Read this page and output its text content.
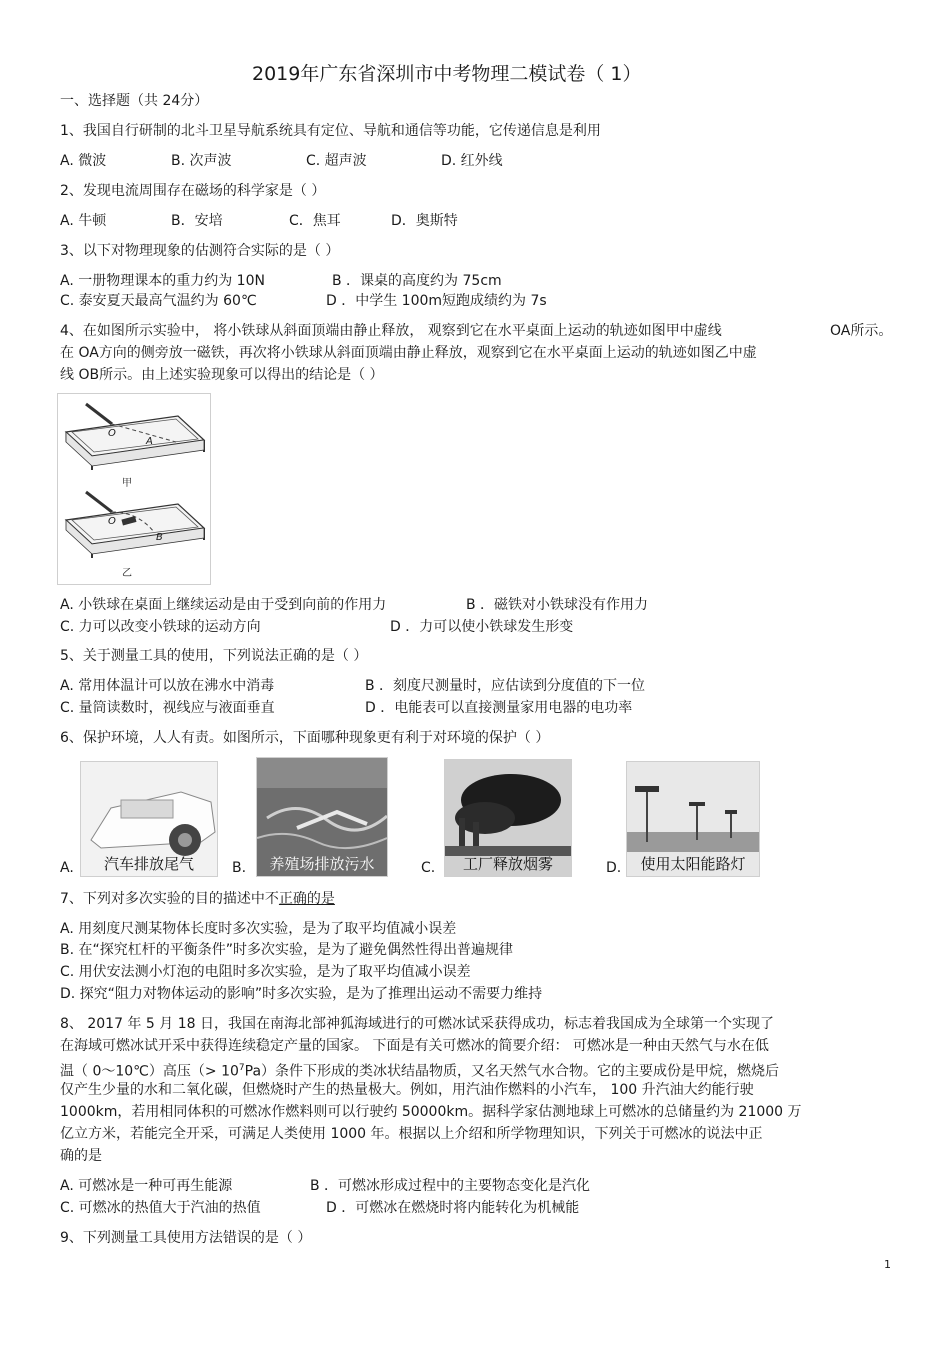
2019年广东省深圳市中考物理二模试卷（ 1）
一、选择题（共 24分）
1、我国自行研制的北斗卫星导航系统具有定位、导航和通信等功能，它传递信息是利用
A. 微波	B. 次声波	C. 超声波	D. 红外线
2、发现电流周围存在磁场的科学家是（ ）
A. 牛顿	B．安培	C．焦耳	D．奥斯特
3、以下对物理现象的估测符合实际的是（ ）
A. 一册物理课本的重力约为 10N	B ．课桌的高度约为 75cm
C. 泰安夏天最高气温约为 60℃	D ．中学生 100m短跑成绩约为 7s
4、在如图所示实验中， 将小铁球从斜面顶端由静止释放， 观察到它在水平桌面上运动的轨迹如图甲中虚线	OA所示。
在 OA方向的侧旁放一磁铁，再次将小铁球从斜面顶端由静止释放，观察到它在水平桌面上运动的轨迹如图乙中虚
线 OB所示。由上述实验现象可以得出的结论是（ ）
O
A
甲
O
B
乙
A. 小铁球在桌面上继续运动是由于受到向前的作用力	B ．磁铁对小铁球没有作用力
C. 力可以改变小铁球的运动方向	D ．力可以使小铁球发生形变
5、关于测量工具的使用，下列说法正确的是（ ）
A. 常用体温计可以放在沸水中消毒	B ．刻度尺测量时，应估读到分度值的下一位
C. 量筒读数时，视线应与液面垂直	D ．电能表可以直接测量家用电器的电功率
6、保护环境，人人有责。如图所示，下面哪种现象更有利于对环境的保护（ ）
A.	汽车排放尾气	B.	养殖场排放污水	C.	工厂释放烟雾	D.	使用太阳能路灯
7、下列对多次实验的目的描述中不正确的是
A. 用刻度尺测某物体长度时多次实验，是为了取平均值减小误差
B. 在“探究杠杆的平衡条件”时多次实验，是为了避免偶然性得出普遍规律
C. 用伏安法测小灯泡的电阻时多次实验，是为了取平均值减小误差
D. 探究“阻力对物体运动的影响”时多次实验，是为了推理出运动不需要力维持
8、 2017 年 5 月 18 日，我国在南海北部神狐海域进行的可燃冰试采获得成功，标志着我国成为全球第一个实现了
在海域可燃冰试开采中获得连续稳定产量的国家。 下面是有关可燃冰的简要介绍： 可燃冰是一种由天然气与水在低
温（ 0～10℃）高压（> $10^7Pa$）条件下形成的类冰状结晶物质，又名天然气水合物。它的主要成份是甲烷，燃烧后
仅产生少量的水和二氧化碳，但燃烧时产生的热量极大。例如，用汽油作燃料的小汽车， 100 升汽油大约能行驶
1000km，若用相同体积的可燃冰作燃料则可以行驶约 50000km。据科学家估测地球上可燃冰的总储量约为 21000 万
亿立方米，若能完全开采，可满足人类使用 1000 年。根据以上介绍和所学物理知识，下列关于可燃冰的说法中正
确的是
A. 可燃冰是一种可再生能源	B ．可燃冰形成过程中的主要物态变化是汽化
C. 可燃冰的热值大于汽油的热值	D ．可燃冰在燃烧时将内能转化为机械能
9、下列测量工具使用方法错误的是（ ）
1
